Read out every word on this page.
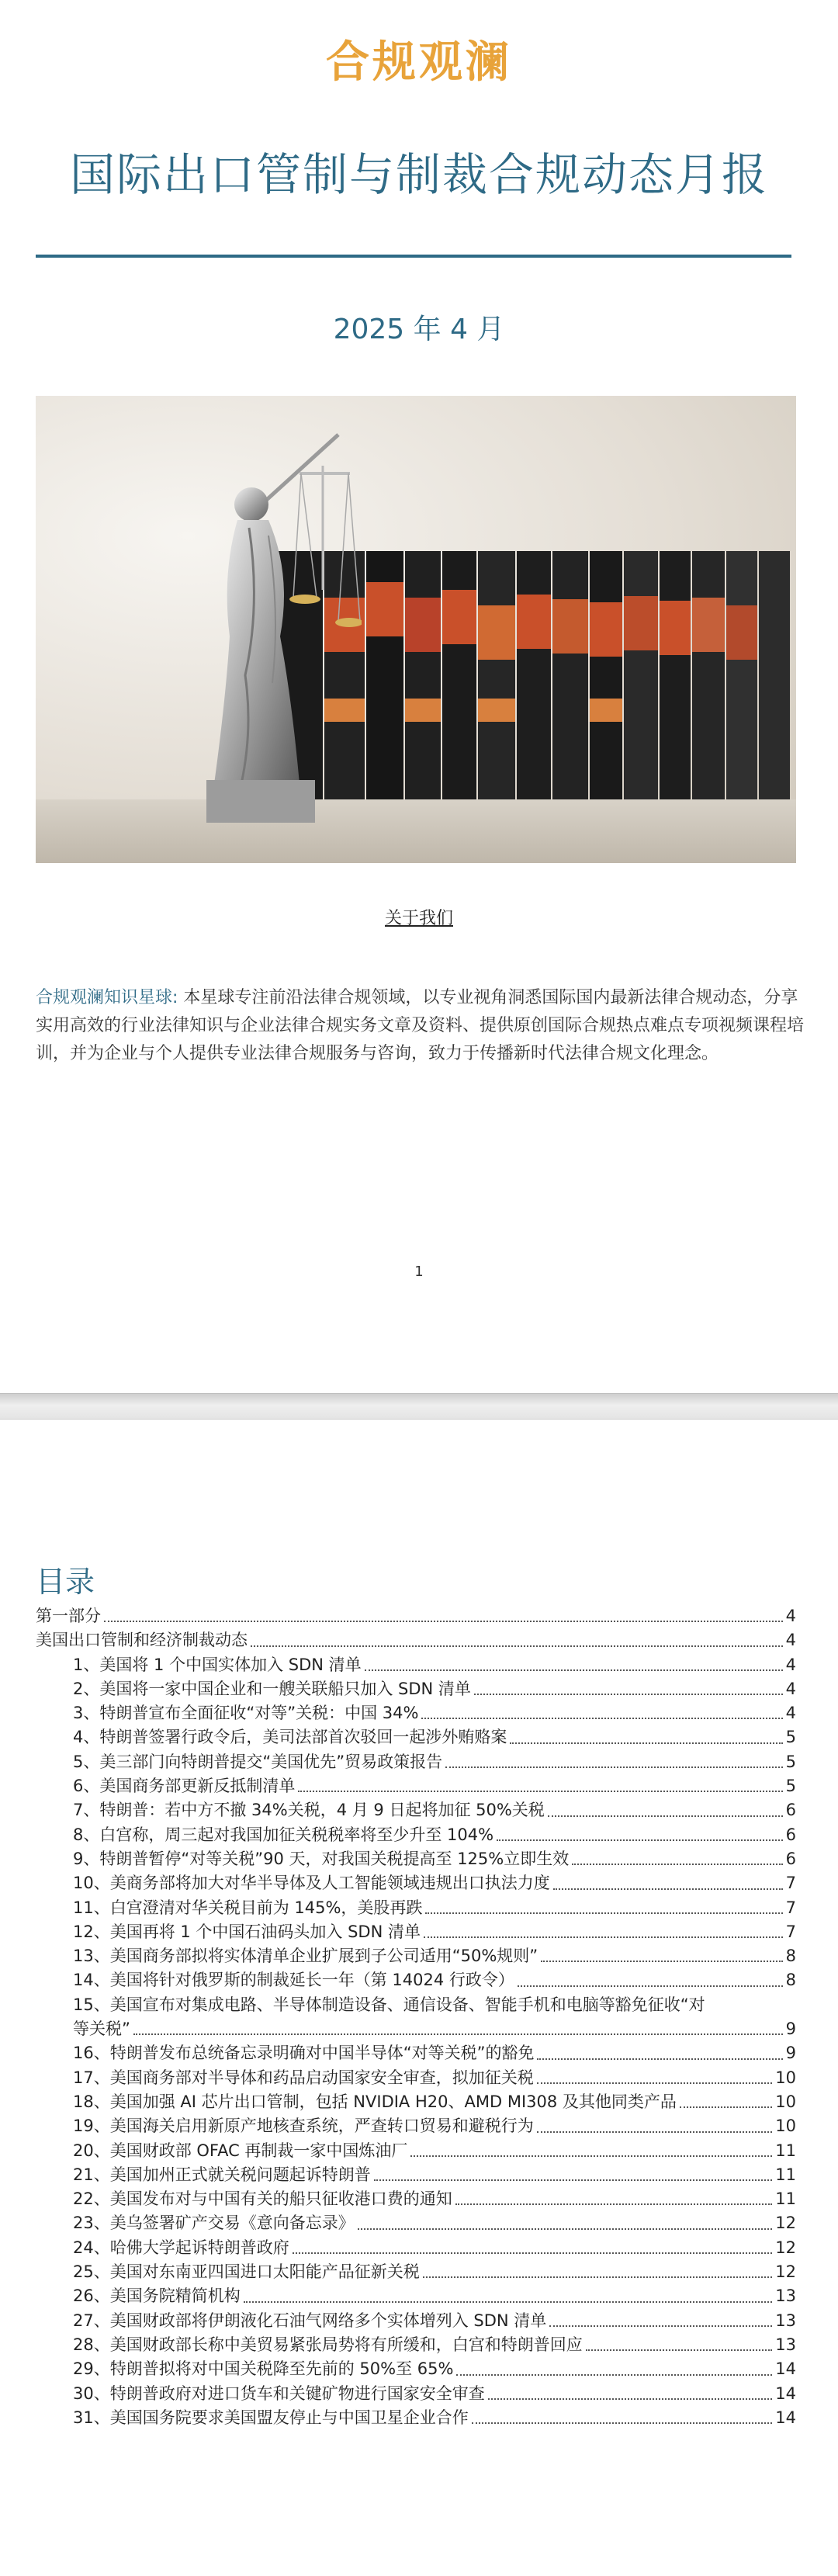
合规观澜
国际出口管制与制裁合规动态月报
2025 年 4 月
关于我们

合规观澜知识星球: 本星球专注前沿法律合规领域，以专业视角洞悉国际国内最新法律合规动态，分享实用高效的行业法律知识与企业法律合规实务文章及资料、提供原创国际合规热点难点专项视频课程培训，并为企业与个人提供专业法律合规服务与咨询，致力于传播新时代法律合规文化理念。

1
目录
第一部分	4
美国出口管制和经济制裁动态	4
1、美国将 1 个中国实体加入 SDN 清单	4
2、美国将一家中国企业和一艘关联船只加入 SDN 清单	4
3、特朗普宣布全面征收“对等”关税：中国 34%	4
4、特朗普签署行政令后，美司法部首次驳回一起涉外贿赂案	5
5、美三部门向特朗普提交“美国优先”贸易政策报告	5
6、美国商务部更新反抵制清单	5
7、特朗普：若中方不撤 34%关税，4 月 9 日起将加征 50%关税	6
8、白宫称，周三起对我国加征关税税率将至少升至 104%	6
9、特朗普暂停“对等关税”90 天，对我国关税提高至 125%立即生效	6
10、美商务部将加大对华半导体及人工智能领域违规出口执法力度	7
11、白宫澄清对华关税目前为 145%，美股再跌	7
12、美国再将 1 个中国石油码头加入 SDN 清单	7
13、美国商务部拟将实体清单企业扩展到子公司适用“50%规则”	8
14、美国将针对俄罗斯的制裁延长一年（第 14024 行政令）	8
15、美国宣布对集成电路、半导体制造设备、通信设备、智能手机和电脑等豁免征收“对
等关税”	9
16、特朗普发布总统备忘录明确对中国半导体“对等关税”的豁免	9
17、美国商务部对半导体和药品启动国家安全审查，拟加征关税	10
18、美国加强 AI 芯片出口管制，包括 NVIDIA H20、AMD MI308 及其他同类产品	10
19、美国海关启用新原产地核查系统，严查转口贸易和避税行为	10
20、美国财政部 OFAC 再制裁一家中国炼油厂	11
21、美国加州正式就关税问题起诉特朗普	11
22、美国发布对与中国有关的船只征收港口费的通知	11
23、美乌签署矿产交易《意向备忘录》	12
24、哈佛大学起诉特朗普政府	12
25、美国对东南亚四国进口太阳能产品征新关税	12
26、美国务院精简机构	13
27、美国财政部将伊朗液化石油气网络多个实体增列入 SDN 清单	13
28、美国财政部长称中美贸易紧张局势将有所缓和，白宫和特朗普回应	13
29、特朗普拟将对中国关税降至先前的 50%至 65%	14
30、特朗普政府对进口货车和关键矿物进行国家安全审查	14
31、美国国务院要求美国盟友停止与中国卫星企业合作	14
